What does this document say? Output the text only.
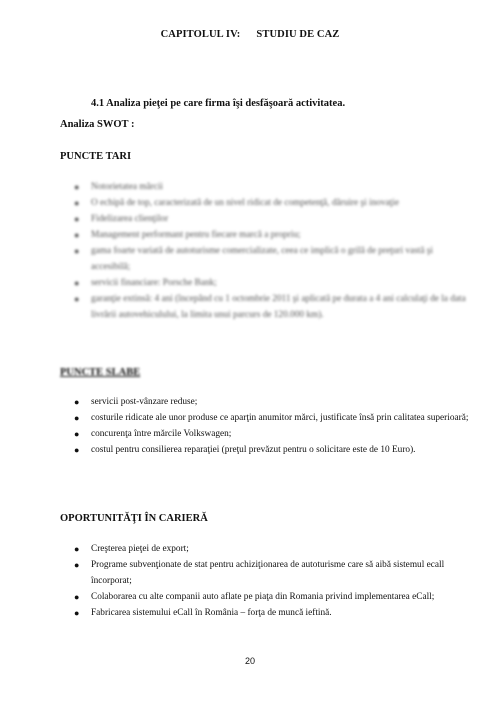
CAPITOLUL IV: STUDIU DE CAZ
4.1 Analiza pieţei pe care firma îşi desfăşoară activitatea.
Analiza SWOT :
PUNCTE TARI
● Notorietatea mărcii
● O echipă de top, caracterizată de un nivel ridicat de competenţă, dăruire şi inovaţie
● Fidelizarea clienţilor
● Management performant pentru fiecare marcă a propriu;
● gama foarte variată de autoturisme comercializate, ceea ce implică o grilă de preţuri vastă şi accesibilă;
● servicii financiare: Porsche Bank;
● garanţie extinsă: 4 ani (începând cu 1 octombrie 2011 şi aplicată pe durata a 4 ani calculaţi de la data livrării autovehiculului, la limita unui parcurs de 120.000 km).
PUNCTE SLABE
● servicii post-vânzare reduse;
● costurile ridicate ale unor produse ce aparţin anumitor mărci, justificate însă prin calitatea superioară;
● concurenţa între mărcile Volkswagen;
● costul pentru consilierea reparaţiei (preţul prevăzut pentru o solicitare este de 10 Euro).
OPORTUNITĂŢI ÎN CARIERĂ
● Creşterea pieţei de export;
● Programe subvenţionate de stat pentru achiziţionarea de autoturisme care să aibă sistemul ecall încorporat;
● Colaborarea cu alte companii auto aflate pe piaţa din Romania privind implementarea eCall;
● Fabricarea sistemului eCall în România – forţa de muncă ieftină.
20
